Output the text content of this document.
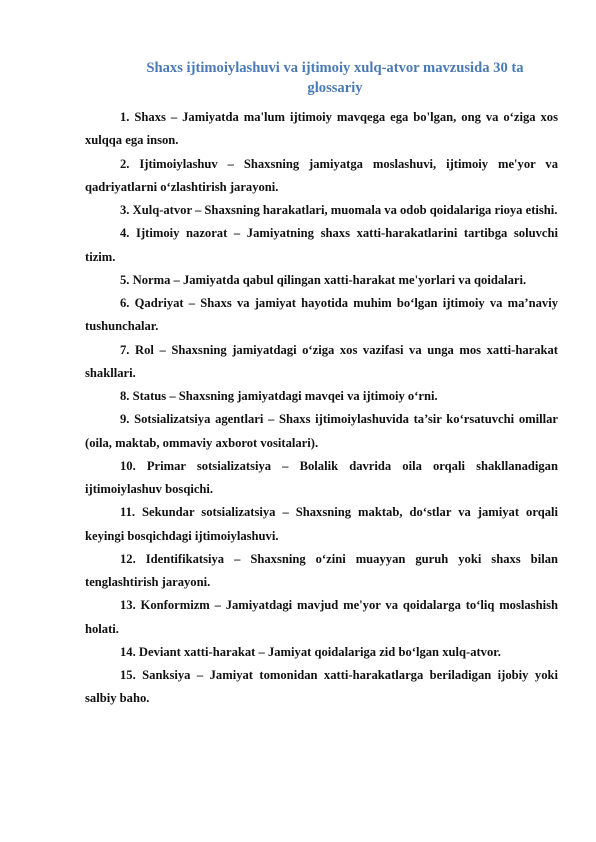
Shaxs ijtimoiylashuvi va ijtimoiy xulq-atvor mavzusida 30 ta
glossariy

1. Shaxs – Jamiyatda ma'lum ijtimoiy mavqega ega bo'lgan, ong va o‘ziga xos xulqqa ega inson.

2. Ijtimoiylashuv – Shaxsning jamiyatga moslashuvi, ijtimoiy me'yor va qadriyatlarni o‘zlashtirish jarayoni.

3. Xulq-atvor – Shaxsning harakatlari, muomala va odob qoidalariga rioya etishi.

4. Ijtimoiy nazorat – Jamiyatning shaxs xatti-harakatlarini tartibga soluvchi tizim.

5. Norma – Jamiyatda qabul qilingan xatti-harakat me'yorlari va qoidalari.

6. Qadriyat – Shaxs va jamiyat hayotida muhim bo‘lgan ijtimoiy va ma’naviy tushunchalar.

7. Rol – Shaxsning jamiyatdagi o‘ziga xos vazifasi va unga mos xatti-harakat shakllari.

8. Status – Shaxsning jamiyatdagi mavqei va ijtimoiy o‘rni.

9. Sotsializatsiya agentlari – Shaxs ijtimoiylashuvida ta’sir ko‘rsatuvchi omillar (oila, maktab, ommaviy axborot vositalari).

10. Primar sotsializatsiya – Bolalik davrida oila orqali shakllanadigan ijtimoiylashuv bosqichi.

11. Sekundar sotsializatsiya – Shaxsning maktab, do‘stlar va jamiyat orqali keyingi bosqichdagi ijtimoiylashuvi.

12. Identifikatsiya – Shaxsning o‘zini muayyan guruh yoki shaxs bilan tenglashtirish jarayoni.

13. Konformizm – Jamiyatdagi mavjud me'yor va qoidalarga to‘liq moslashish holati.

14. Deviant xatti-harakat – Jamiyat qoidalariga zid bo‘lgan xulq-atvor.

15. Sanksiya – Jamiyat tomonidan xatti-harakatlarga beriladigan ijobiy yoki salbiy baho.
